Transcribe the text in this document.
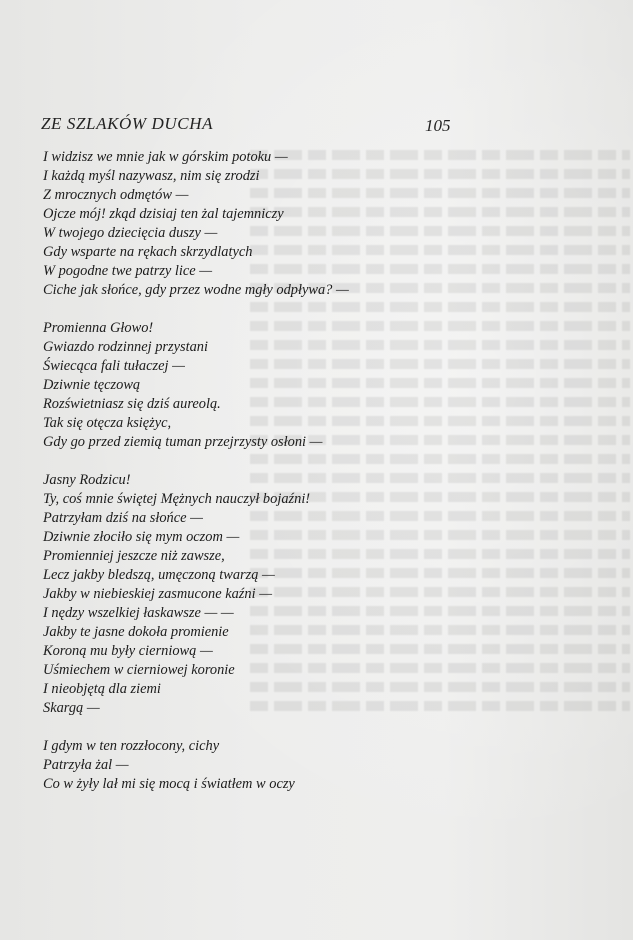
ZE SZLAKÓW DUCHA	105
I widzisz we mnie jak w górskim potoku —
I każdą myśl nazywasz, nim się zrodzi
Z mrocznych odmętów —
Ojcze mój! zkąd dzisiaj ten żal tajemniczy
W twojego dziecięcia duszy —
Gdy wsparte na rękach skrzydlatych
W pogodne twe patrzy lice —
Ciche jak słońce, gdy przez wodne mgły odpływa? —
Promienna Głowo!
Gwiazdo rodzinnej przystani
Świecąca fali tułaczej —
Dziwnie tęczową
Rozświetniasz się dziś aureolą.
Tak się otęcza księżyc,
Gdy go przed ziemią tuman przejrzysty osłoni —
Jasny Rodzicu!
Ty, coś mnie świętej Mężnych nauczył bojaźni!
Patrzyłam dziś na słońce —
Dziwnie złociło się mym oczom —
Promienniej jeszcze niż zawsze,
Lecz jakby bledszą, umęczoną twarzą —
Jakby w niebieskiej zasmucone kaźni —
I nędzy wszelkiej łaskawsze — —
Jakby te jasne dokoła promienie
Koroną mu były cierniową —
Uśmiechem w cierniowej koronie
I nieobjętą dla ziemi
Skargą —
I gdym w ten rozzłocony, cichy
Patrzyła żal —
Co w żyły lał mi się mocą i światłem w oczy
